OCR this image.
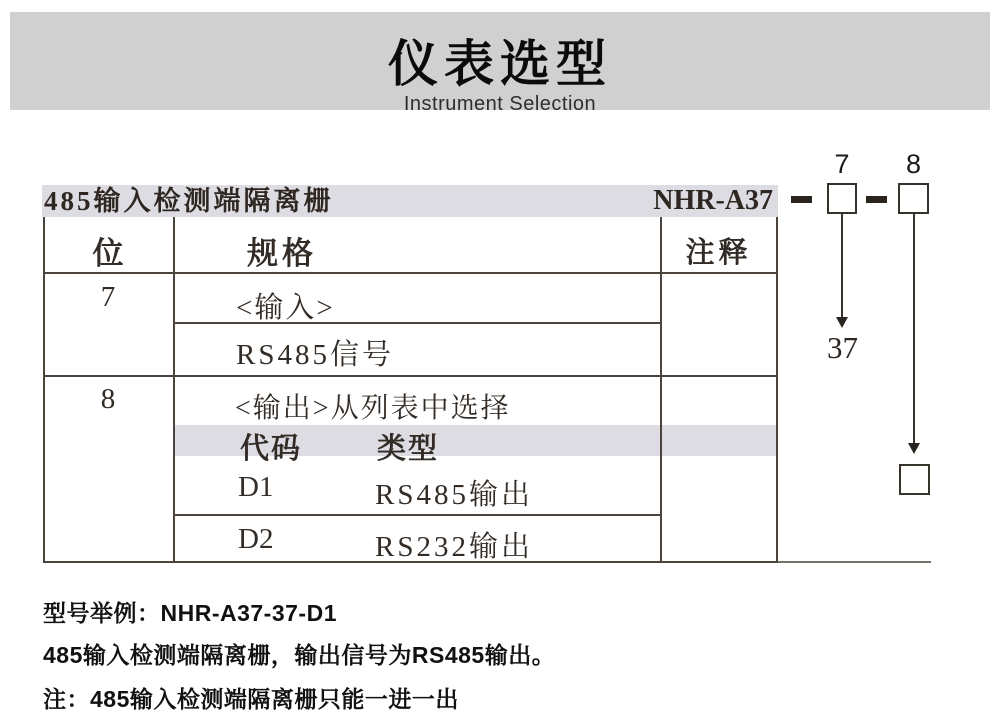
仪表选型
Instrument Selection
485输入检测端隔离栅	NHR-A37
7 8
37
位	规格	注释
7	<输入>
RS485信号
8	<输出>从列表中选择
代码	类型
D1	RS485输出
D2	RS232输出
型号举例：NHR-A37-37-D1
485输入检测端隔离栅，输出信号为RS485输出。
注：485输入检测端隔离栅只能一进一出
